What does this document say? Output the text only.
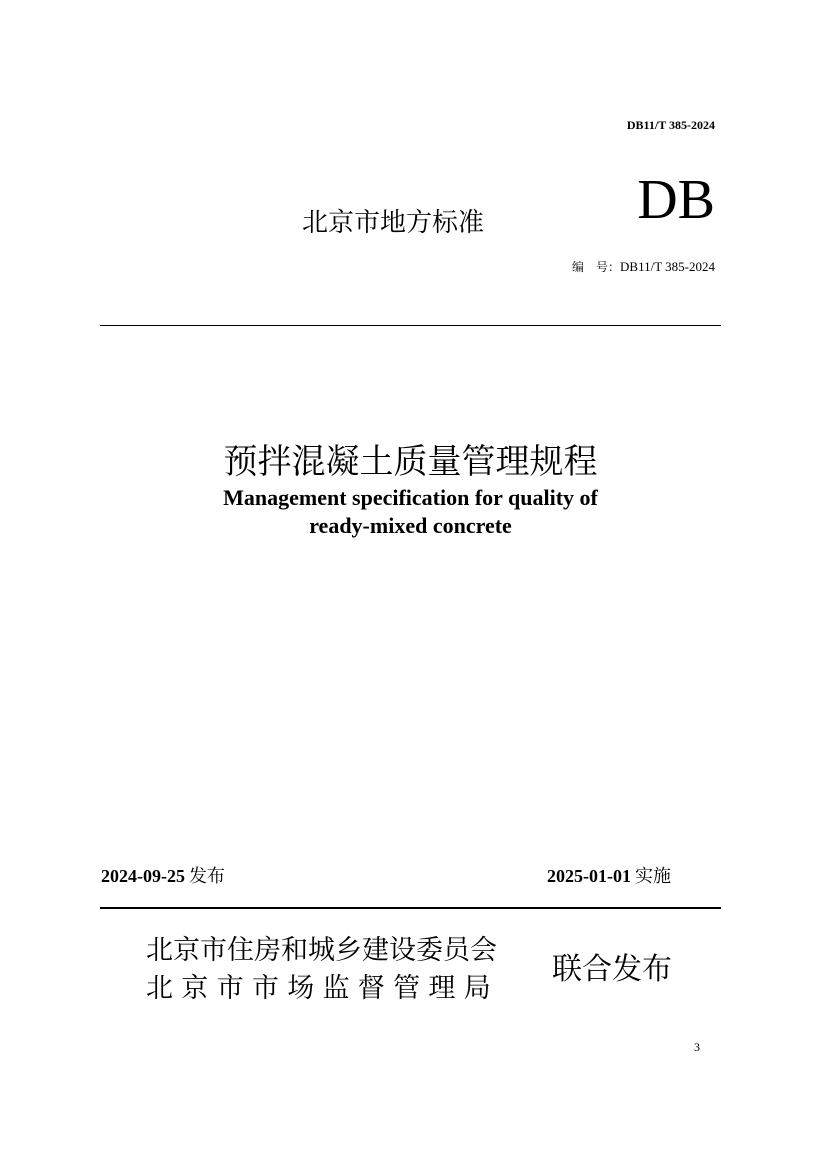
DB11/T 385-2024
北京市地方标准	DB
编　号：DB11/T 385-2024
预拌混凝土质量管理规程
Management specification for quality of
ready-mixed concrete
2024-09-25 发布	2025-01-01 实施
北京市住房和城乡建设委员会
北京市市场监督管理局
联合发布
3
